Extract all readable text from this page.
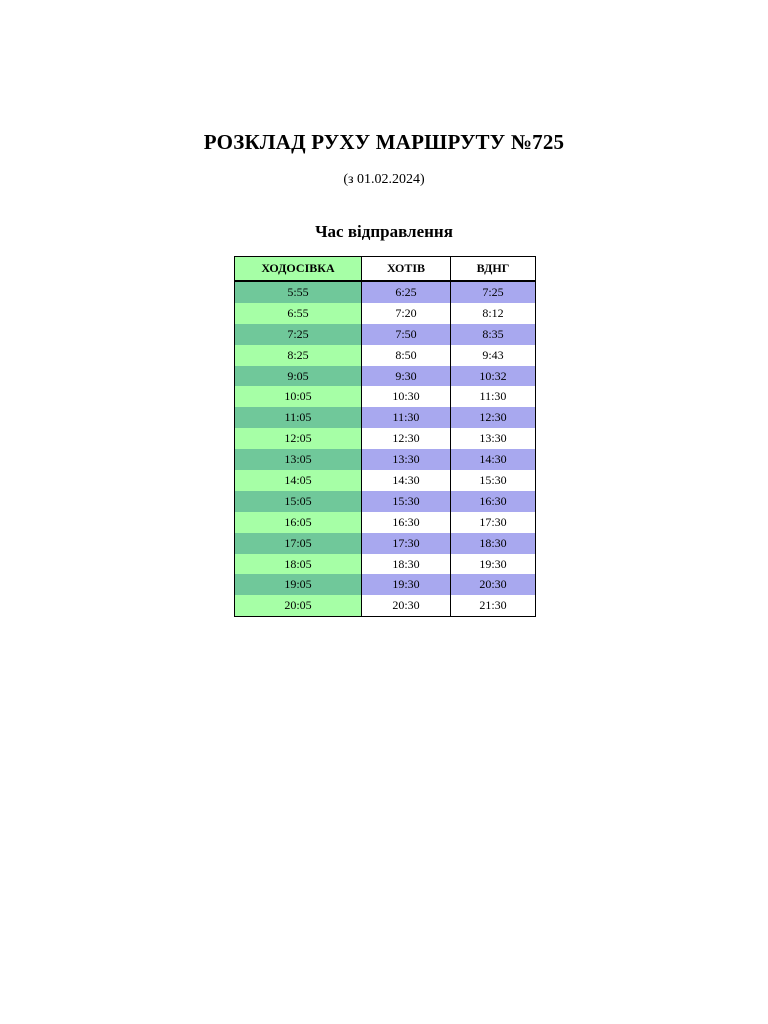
РОЗКЛАД РУХУ МАРШРУТУ №725
(з 01.02.2024)
Час відправлення
ХОДОСІВКА	ХОТІВ	ВДНГ
5:55	6:25	7:25
6:55	7:20	8:12
7:25	7:50	8:35
8:25	8:50	9:43
9:05	9:30	10:32
10:05	10:30	11:30
11:05	11:30	12:30
12:05	12:30	13:30
13:05	13:30	14:30
14:05	14:30	15:30
15:05	15:30	16:30
16:05	16:30	17:30
17:05	17:30	18:30
18:05	18:30	19:30
19:05	19:30	20:30
20:05	20:30	21:30
